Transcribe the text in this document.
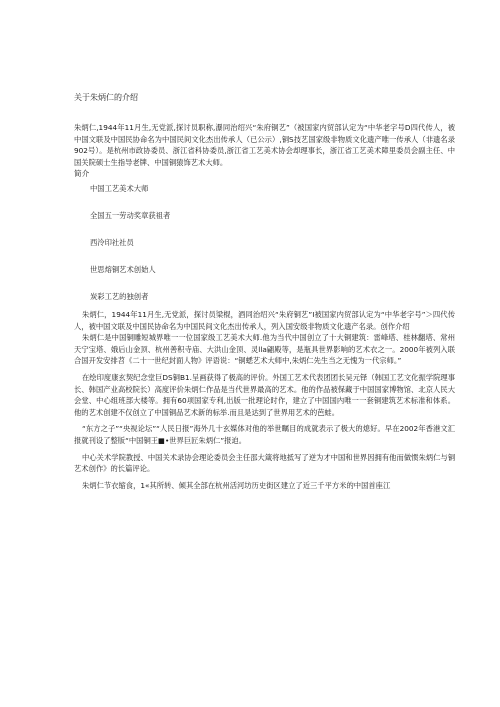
关于朱炳仁的介绍

朱炳仁,1944年11月生,无党派,探讨员职称,瀑同治绍兴“朱府铜艺”（被国家内贸部认定为“中华老字号D四代传人，被中国文联及中国民协命名为中国民间文化杰出传承人（已公示）,铜S技艺国家级非物质文化遗产唯一传承人（非遗名录902号）。是杭州市政协委员、浙江省科协委员,浙江省工艺美术协会却理事长，浙江省工艺美术障里委员会副主任、中国关院硕士生指导老牌、中国铜猿饰艺术大师。

简介
中国工艺美术大师
全国五一劳动奖章获祖者
西泠印社社员
世思熔铜艺术创始人
炭彩工艺的独创者

朱炳仁，1944年11月生,无党派，探讨员梁棍，酒同治绍兴“朱府铜艺”I被国家内贸部认定为“中华老字号”＞四代传人，被中国文联及中国民协命名为中国民间文化杰出传承人，列入国安级非物质文化遗产名录。创作介绍

朱炳仁是中国铜雕短城界唯一一位国家级工艺美术大师.他为当代中国创立了十大铜建筑：雷峰塔、桂林翻塔、常州天宁宝塔、娥后山金顶、杭州善积寺庙、大洪山金顶、灵lla翩殿等，是瓶具世界影响的艺术衣之一。2000年被列入联合国开发安排苕《二十一世纪封面人物》评语说：“铜蟋艺术大师中,朱炳仁先生当之无愧为一代宗师。”

在绘印度康玄契纪念堂巨DS铜B1.呈画获得了极高的评价。外国工艺术代表团团长吴元铎（韩国工艺文化振学院理事长、韩国产业高校院长）高度评价朱炳仁作品是当代世界最高的艺术。他的作品被保藏于中国国家博物馆、北京人民大会堂、中心组班部大楼等。拥有60项国家专利,出版一批理论时作，建立了中国国内唯一一套铜建筑艺术标准和体系。他的艺术创建不仅创立了中国铜品艺术新的标举.而且是达到了世界用艺术的芭蛙。

“东方之子”“央视论坛”“人民日报”海外几十玄媒体对他的举世瞩目的成就表示了极大的熄好。早在2002年香港文汇报就刊设了整版“中国铜王■•世界巨匠朱炳仁”报迫。

中心关术学院教授、中国关术录协会理论委员会主任邵大箴将地抵写了逆为才中国和世界因拥有他而做惯朱炳仁与铜艺术创作》的长篇评论。

朱炳仁节衣缩食，1«其所转、倾其全部在杭州活河坊历史街区建立了近三千平方米的中国首座江
